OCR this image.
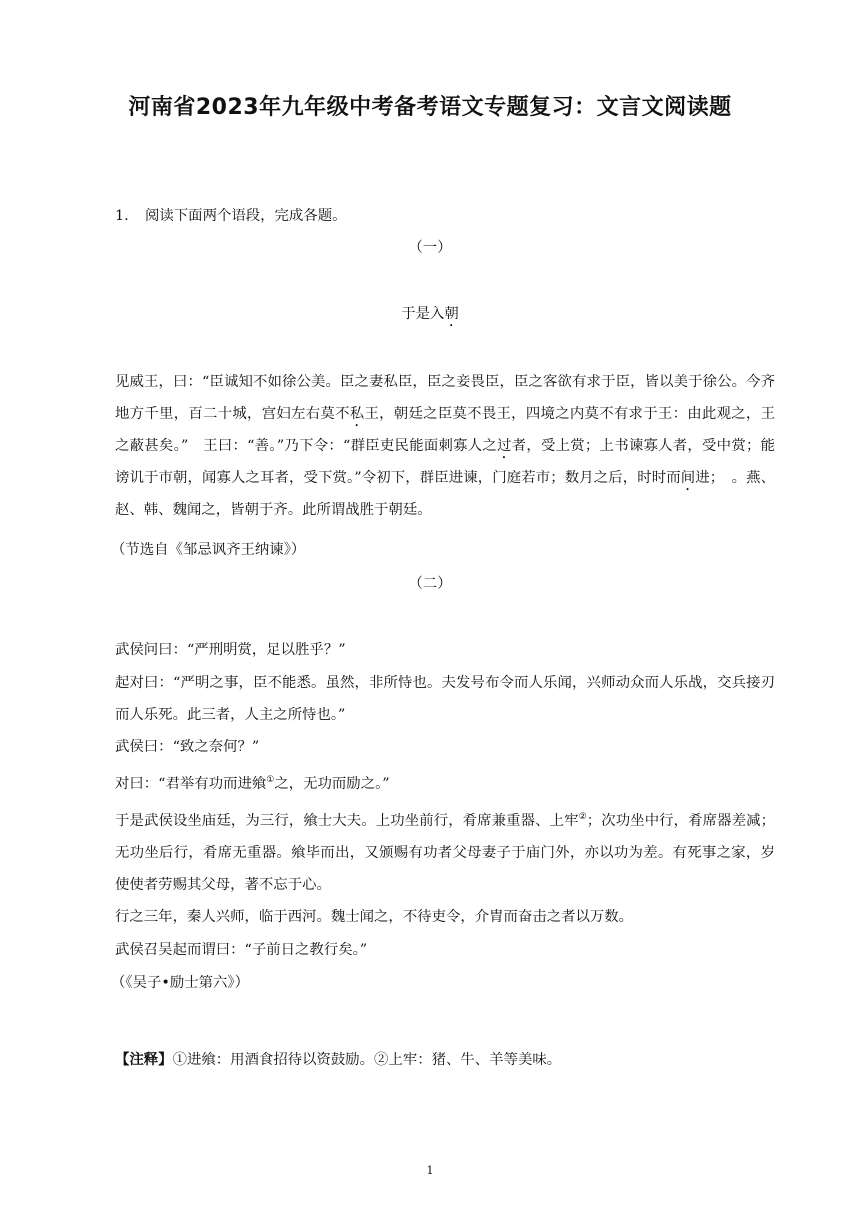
河南省2023年九年级中考备考语文专题复习：文言文阅读题
1. 阅读下面两个语段，完成各题。
（一）
于是入朝

见威王，曰：“臣诚知不如徐公美。臣之妻私臣，臣之妾畏臣，臣之客欲有求于臣，皆以美于徐公。今齐地方千里，百二十城，宫妇左右莫不私王，朝廷之臣莫不畏王，四境之内莫不有求于王：由此观之，王之蔽甚矣。”　王曰：“善。”乃下令：“群臣吏民能面刺寡人之过者，受上赏；上书谏寡人者，受中赏；能谤讥于市朝，闻寡人之耳者，受下赏。”令初下，群臣进谏，门庭若市；数月之后，时时而间进；　。燕、赵、韩、魏闻之，皆朝于齐。此所谓战胜于朝廷。

（节选自《邹忌讽齐王纳谏》）
（二）

武侯问曰：“严刑明赏，足以胜乎？”

起对曰：“严明之事，臣不能悉。虽然，非所恃也。夫发号布令而人乐闻，兴师动众而人乐战，交兵接刃而人乐死。此三者，人主之所恃也。”

武侯曰：“致之奈何？”

对曰：“君举有功而进飨①之，无功而励之。”

于是武侯设坐庙廷，为三行，飨士大夫。上功坐前行，肴席兼重器、上牢②；次功坐中行，肴席器差减；无功坐后行，肴席无重器。飨毕而出，又颁赐有功者父母妻子于庙门外，亦以功为差。有死事之家，岁使使者劳赐其父母，著不忘于心。

行之三年，秦人兴师，临于西河。魏士闻之，不待吏令，介胄而奋击之者以万数。

武侯召吴起而谓曰：“子前日之教行矣。”

（《吴子•励士第六》）

【注释】①进飨：用酒食招待以资鼓励。②上牢：猪、牛、羊等美味。
1
